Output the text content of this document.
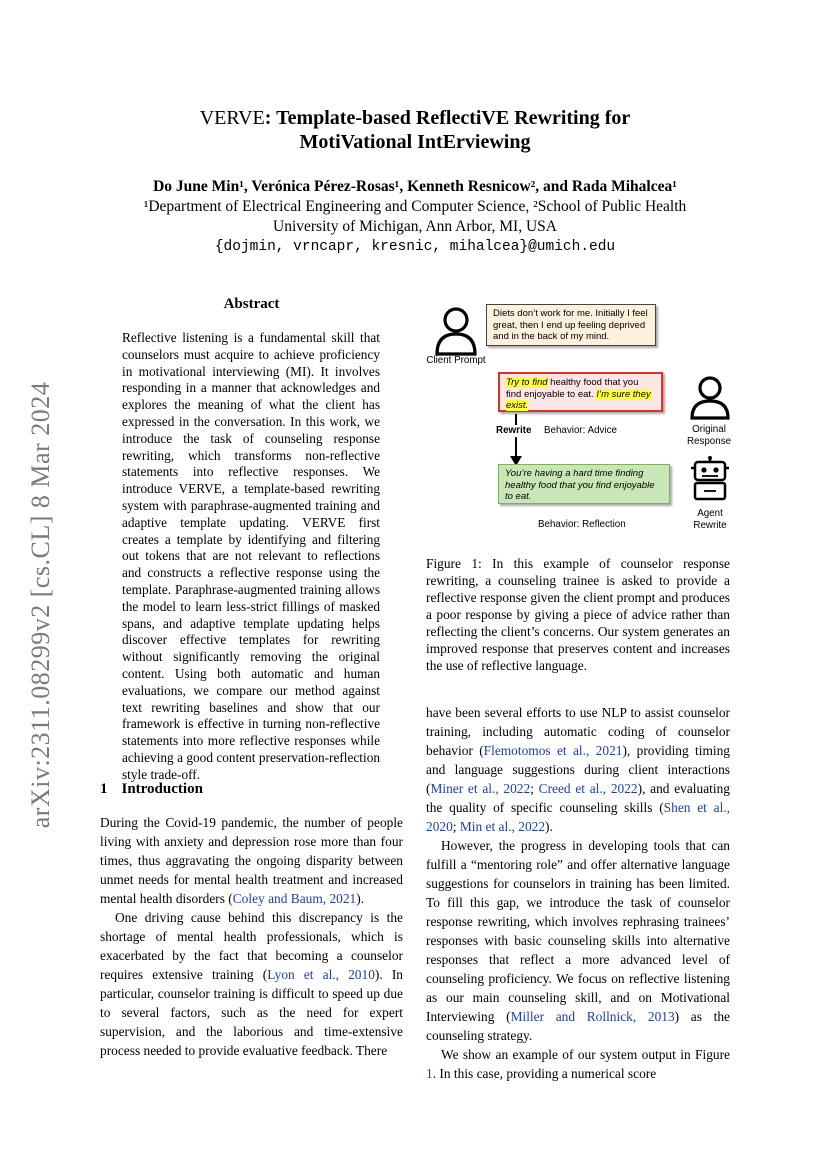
arXiv:2311.08299v2 [cs.CL] 8 Mar 2024
VERVE: Template-based ReflectiVE Rewriting for
MotiVational IntErviewing
Do June Min¹, Verónica Pérez-Rosas¹, Kenneth Resnicow², and Rada Mihalcea¹
¹Department of Electrical Engineering and Computer Science, ²School of Public Health
University of Michigan, Ann Arbor, MI, USA
{dojmin, vrncapr, kresnic, mihalcea}@umich.edu
Abstract
Reflective listening is a fundamental skill that counselors must acquire to achieve proficiency in motivational interviewing (MI). It involves responding in a manner that acknowledges and explores the meaning of what the client has expressed in the conversation. In this work, we introduce the task of counseling response rewriting, which transforms non-reflective statements into reflective responses. We introduce VERVE, a template-based rewriting system with paraphrase-augmented training and adaptive template updating. VERVE first creates a template by identifying and filtering out tokens that are not relevant to reflections and constructs a reflective response using the template. Paraphrase-augmented training allows the model to learn less-strict fillings of masked spans, and adaptive template updating helps discover effective templates for rewriting without significantly removing the original content. Using both automatic and human evaluations, we compare our method against text rewriting baselines and show that our framework is effective in turning non-reflective statements into more reflective responses while achieving a good content preservation-reflection style trade-off.
1 Introduction

During the Covid-19 pandemic, the number of people living with anxiety and depression rose more than four times, thus aggravating the ongoing disparity between unmet needs for mental health treatment and increased mental health disorders (Coley and Baum, 2021).

One driving cause behind this discrepancy is the shortage of mental health professionals, which is exacerbated by the fact that becoming a counselor requires extensive training (Lyon et al., 2010). In particular, counselor training is difficult to speed up due to several factors, such as the need for expert supervision, and the laborious and time-extensive process needed to provide evaluative feedback. There

Client Prompt
Diets don’t work for me. Initially I feel great, then I end up feeling deprived and in the back of my mind.
Try to find healthy food that you find enjoyable to eat. I’m sure they exist.
Original Response
Rewrite Behavior: Advice
You’re having a hard time finding healthy food that you find enjoyable to eat.
Behavior: Reflection
Agent Rewrite
Figure 1: In this example of counselor response rewriting, a counseling trainee is asked to provide a reflective response given the client prompt and produces a poor response by giving a piece of advice rather than reflecting the client’s concerns. Our system generates an improved response that preserves content and increases the use of reflective language.

have been several efforts to use NLP to assist counselor training, including automatic coding of counselor behavior (Flemotomos et al., 2021), providing timing and language suggestions during client interactions (Miner et al., 2022; Creed et al., 2022), and evaluating the quality of specific counseling skills (Shen et al., 2020; Min et al., 2022).

However, the progress in developing tools that can fulfill a “mentoring role” and offer alternative language suggestions for counselors in training has been limited. To fill this gap, we introduce the task of counselor response rewriting, which involves rephrasing trainees’ responses with basic counseling skills into alternative responses that reflect a more advanced level of counseling proficiency. We focus on reflective listening as our main counseling skill, and on Motivational Interviewing (Miller and Rollnick, 2013) as the counseling strategy.

We show an example of our system output in Figure 1. In this case, providing a numerical score
